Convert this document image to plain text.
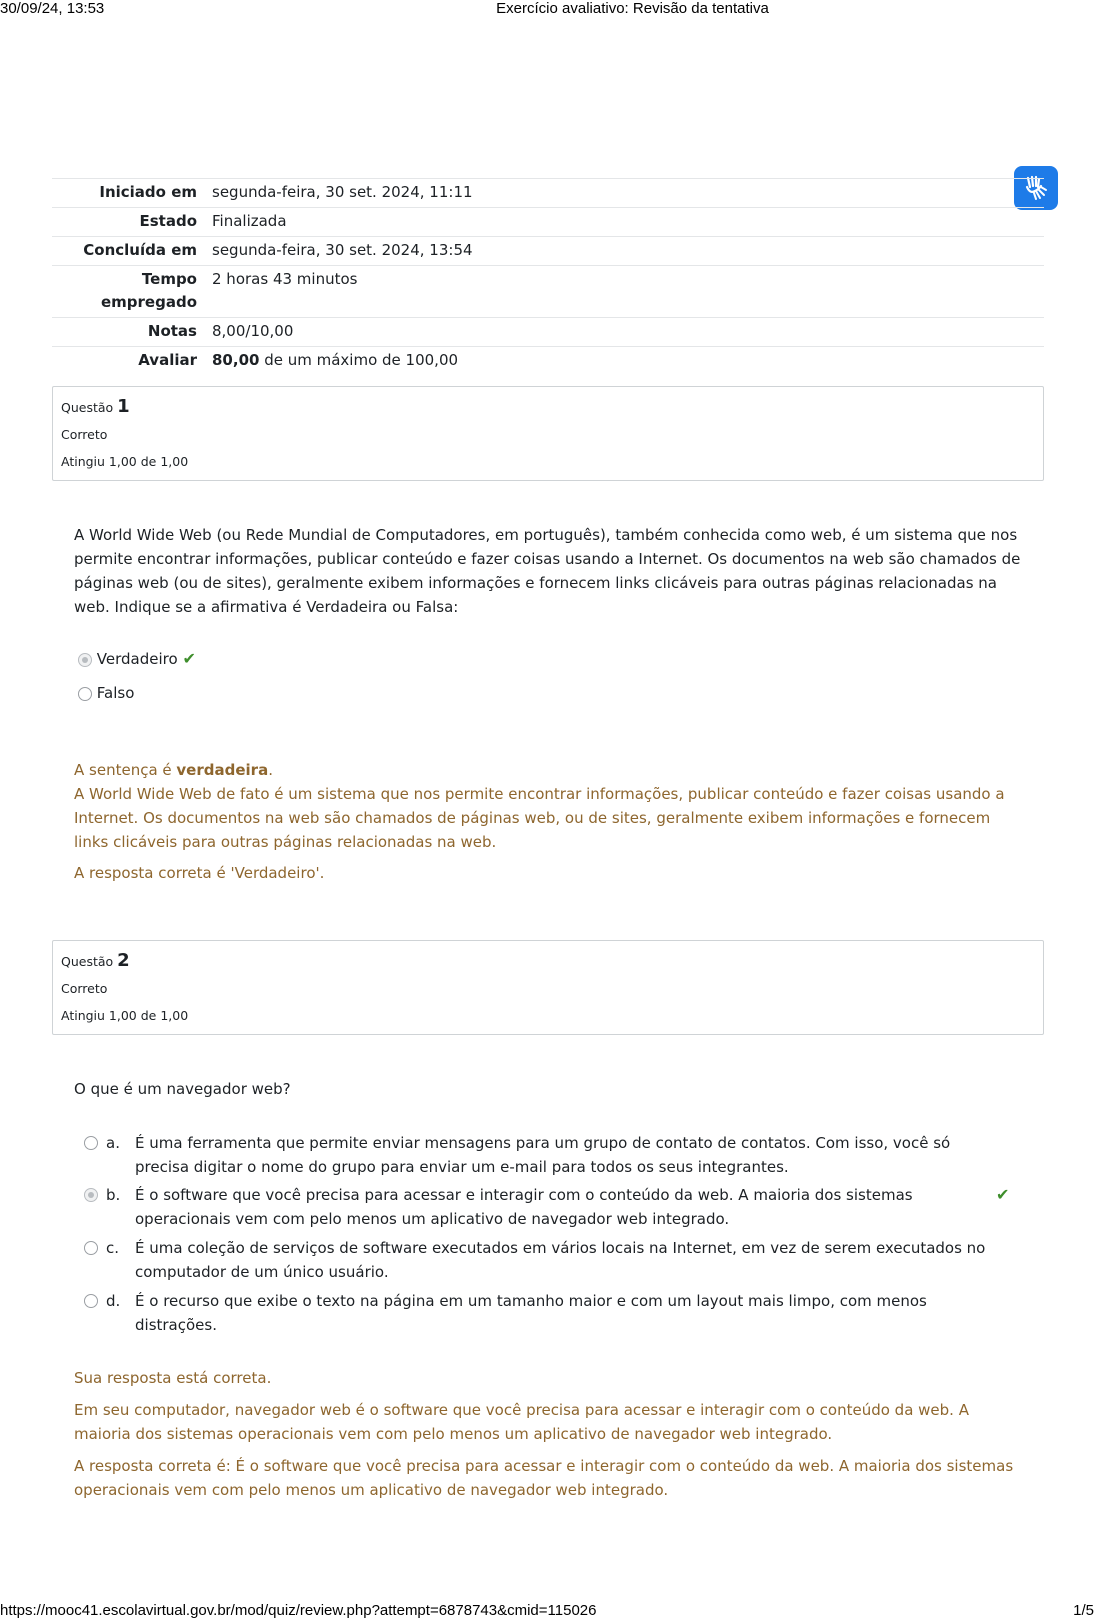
30/09/24, 13:53	Exercício avaliativo: Revisão da tentativa
Iniciado em	segunda-feira, 30 set. 2024, 11:11
Estado	Finalizada
Concluída em	segunda-feira, 30 set. 2024, 13:54
Tempo
empregado	2 horas 43 minutos
Notas	8,00/10,00
Avaliar	80,00 de um máximo de 100,00
Questão 1
Correto
Atingiu 1,00 de 1,00
A World Wide Web (ou Rede Mundial de Computadores, em português), também conhecida como web, é um sistema que nos permite encontrar informações, publicar conteúdo e fazer coisas usando a Internet. Os documentos na web são chamados de páginas web (ou de sites), geralmente exibem informações e fornecem links clicáveis para outras páginas relacionadas na web. Indique se a afirmativa é Verdadeira ou Falsa:
Verdadeiro ✔
Falso
A sentença é verdadeira.
A World Wide Web de fato é um sistema que nos permite encontrar informações, publicar conteúdo e fazer coisas usando a Internet. Os documentos na web são chamados de páginas web, ou de sites, geralmente exibem informações e fornecem links clicáveis para outras páginas relacionadas na web.
A resposta correta é 'Verdadeiro'.
Questão 2
Correto
Atingiu 1,00 de 1,00
O que é um navegador web?
a. É uma ferramenta que permite enviar mensagens para um grupo de contato de contatos. Com isso, você só precisa digitar o nome do grupo para enviar um e-mail para todos os seus integrantes.
b. É o software que você precisa para acessar e interagir com o conteúdo da web. A maioria dos sistemas operacionais vem com pelo menos um aplicativo de navegador web integrado.
✔
c. É uma coleção de serviços de software executados em vários locais na Internet, em vez de serem executados no computador de um único usuário.
d. É o recurso que exibe o texto na página em um tamanho maior e com um layout mais limpo, com menos distrações.
Sua resposta está correta.
Em seu computador, navegador web é o software que você precisa para acessar e interagir com o conteúdo da web. A maioria dos sistemas operacionais vem com pelo menos um aplicativo de navegador web integrado.
A resposta correta é: É o software que você precisa para acessar e interagir com o conteúdo da web. A maioria dos sistemas operacionais vem com pelo menos um aplicativo de navegador web integrado.
https://mooc41.escolavirtual.gov.br/mod/quiz/review.php?attempt=6878743&cmid=115026	1/5
